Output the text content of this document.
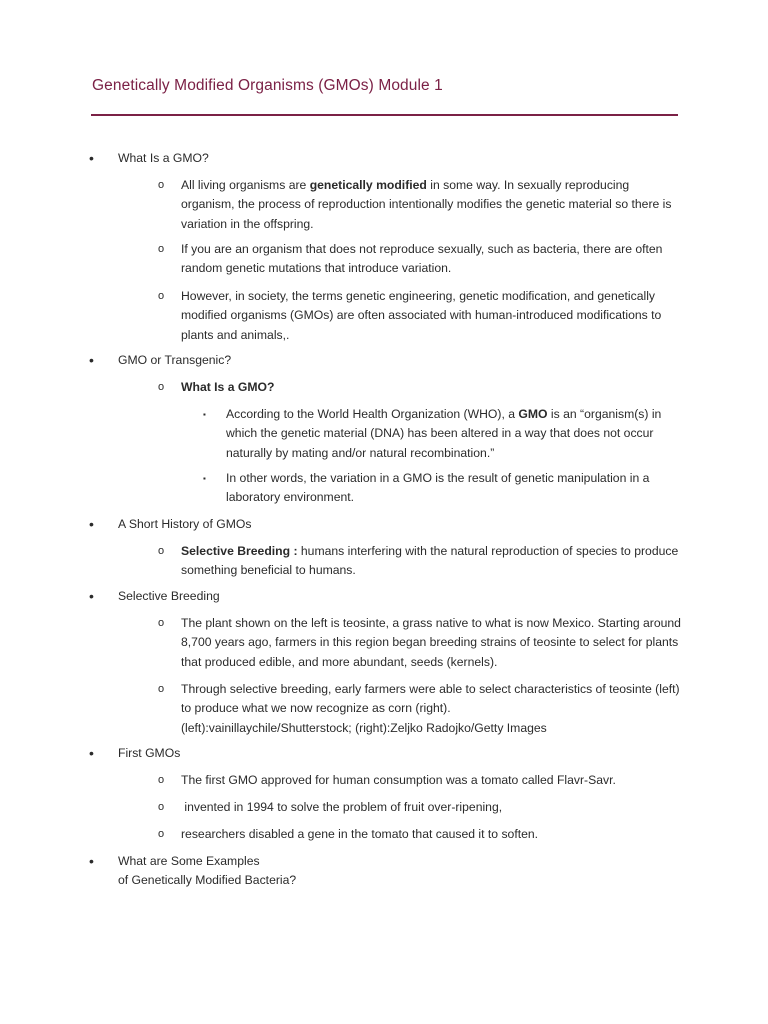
Genetically Modified Organisms (GMOs) Module 1
• What Is a GMO?
o All living organisms are genetically modified in some way. In sexually reproducing organism, the process of reproduction intentionally modifies the genetic material so there is variation in the offspring.

o If you are an organism that does not reproduce sexually, such as bacteria, there are often random genetic mutations that introduce variation.

o However, in society, the terms genetic engineering, genetic modification, and genetically modified organisms (GMOs) are often associated with human-introduced modifications to plants and animals,.

• GMO or Transgenic?
o What Is a GMO?
▪ According to the World Health Organization (WHO), a GMO is an “organism(s) in which the genetic material (DNA) has been altered in a way that does not occur naturally by mating and/or natural recombination.”

▪ In other words, the variation in a GMO is the result of genetic manipulation in a laboratory environment.

• A Short History of GMOs
o Selective Breeding : humans interfering with the natural reproduction of species to produce something beneficial to humans.

• Selective Breeding
o The plant shown on the left is teosinte, a grass native to what is now Mexico. Starting around 8,700 years ago, farmers in this region began breeding strains of teosinte to select for plants that produced edible, and more abundant, seeds (kernels).

o Through selective breeding, early farmers were able to select characteristics of teosinte (left) to produce what we now recognize as corn (right).

(left):vainillaychile/Shutterstock; (right):Zeljko Radojko/Getty Images

• First GMOs
o The first GMO approved for human consumption was a tomato called Flavr-Savr.

o invented in 1994 to solve the problem of fruit over-ripening,

o researchers disabled a gene in the tomato that caused it to soften.

• What are Some Examples

of Genetically Modified Bacteria?
